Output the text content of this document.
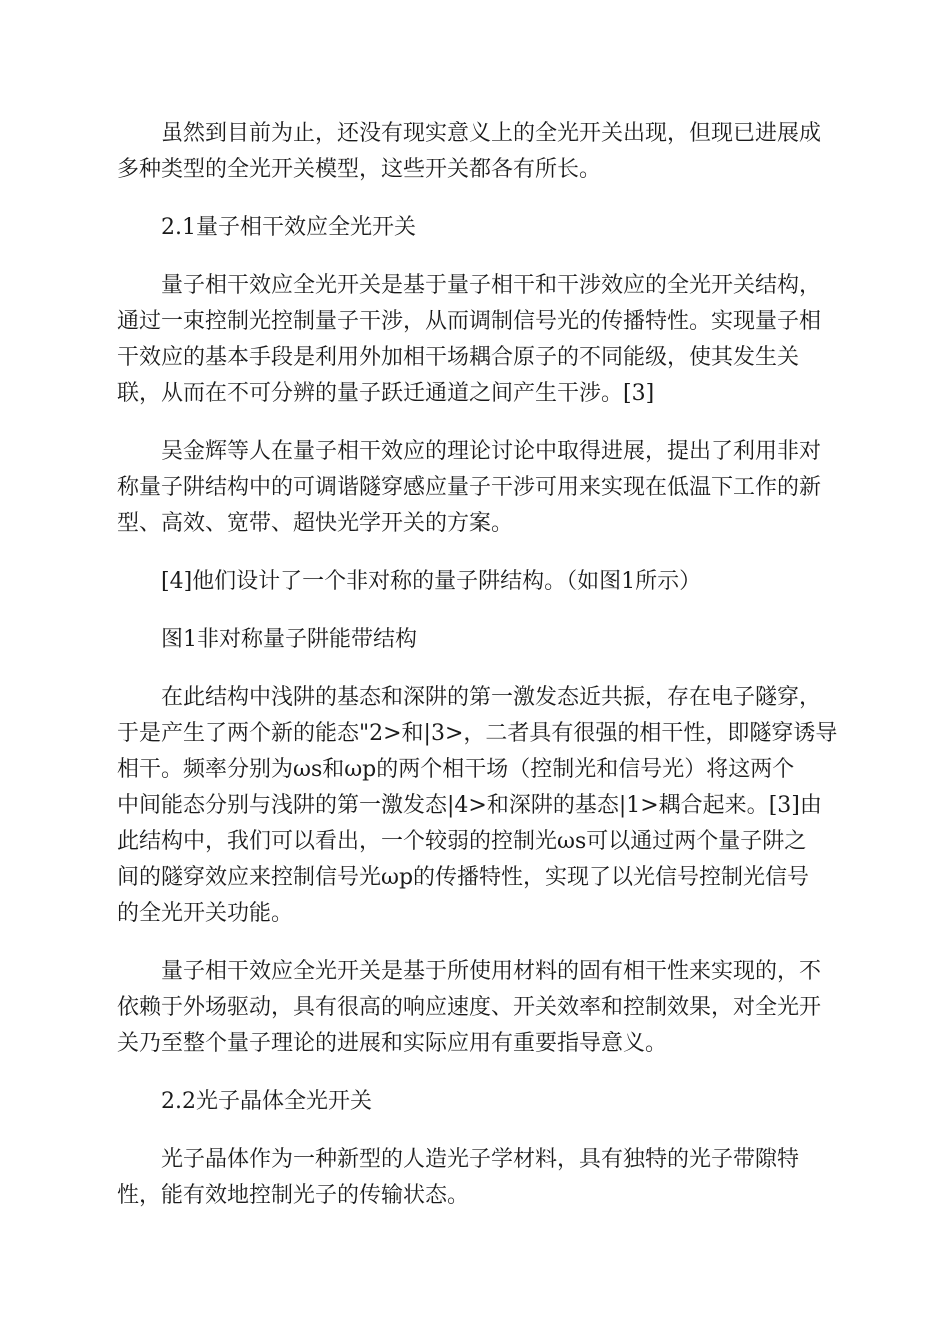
虽然到目前为止，还没有现实意义上的全光开关出现，但现已进展成
多种类型的全光开关模型，这些开关都各有所长。
2.1量子相干效应全光开关
量子相干效应全光开关是基于量子相干和干涉效应的全光开关结构，
通过一束控制光控制量子干涉，从而调制信号光的传播特性。实现量子相
干效应的基本手段是利用外加相干场耦合原子的不同能级，使其发生关
联，从而在不可分辨的量子跃迁通道之间产生干涉。[3]
吴金辉等人在量子相干效应的理论讨论中取得进展，提出了利用非对
称量子阱结构中的可调谐隧穿感应量子干涉可用来实现在低温下工作的新
型、高效、宽带、超快光学开关的方案。
[4]他们设计了一个非对称的量子阱结构。（如图1所示）
图1非对称量子阱能带结构
在此结构中浅阱的基态和深阱的第一激发态近共振，存在电子隧穿，
于是产生了两个新的能态"2>和|3>，二者具有很强的相干性，即隧穿诱导
相干。频率分别为ωs和ωp的两个相干场（控制光和信号光）将这两个
中间能态分别与浅阱的第一激发态|4>和深阱的基态|1>耦合起来。[3]由
此结构中，我们可以看出，一个较弱的控制光ωs可以通过两个量子阱之
间的隧穿效应来控制信号光ωp的传播特性，实现了以光信号控制光信号
的全光开关功能。
量子相干效应全光开关是基于所使用材料的固有相干性来实现的，不
依赖于外场驱动，具有很高的响应速度、开关效率和控制效果，对全光开
关乃至整个量子理论的进展和实际应用有重要指导意义。
2.2光子晶体全光开关
光子晶体作为一种新型的人造光子学材料，具有独特的光子带隙特
性，能有效地控制光子的传输状态。
